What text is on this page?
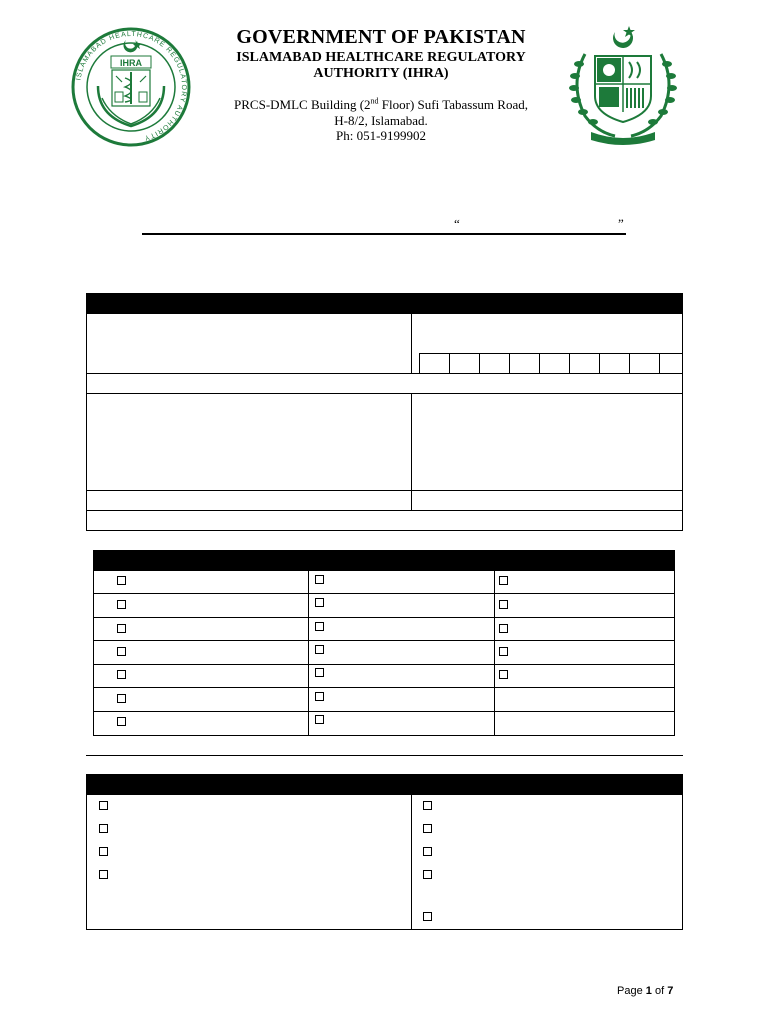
ISLAMABAD HEALTHCARE REGULATORY AUTHORITY
IHRA
GOVERNMENT OF PAKISTAN
ISLAMABAD HEALTHCARE REGULATORY
AUTHORITY (IHRA)
PRCS-DMLC Building (2nd Floor) Sufi Tabassum Road,
H-8/2, Islamabad.
Ph: 051-9199902
“	”
Page 1 of 7
